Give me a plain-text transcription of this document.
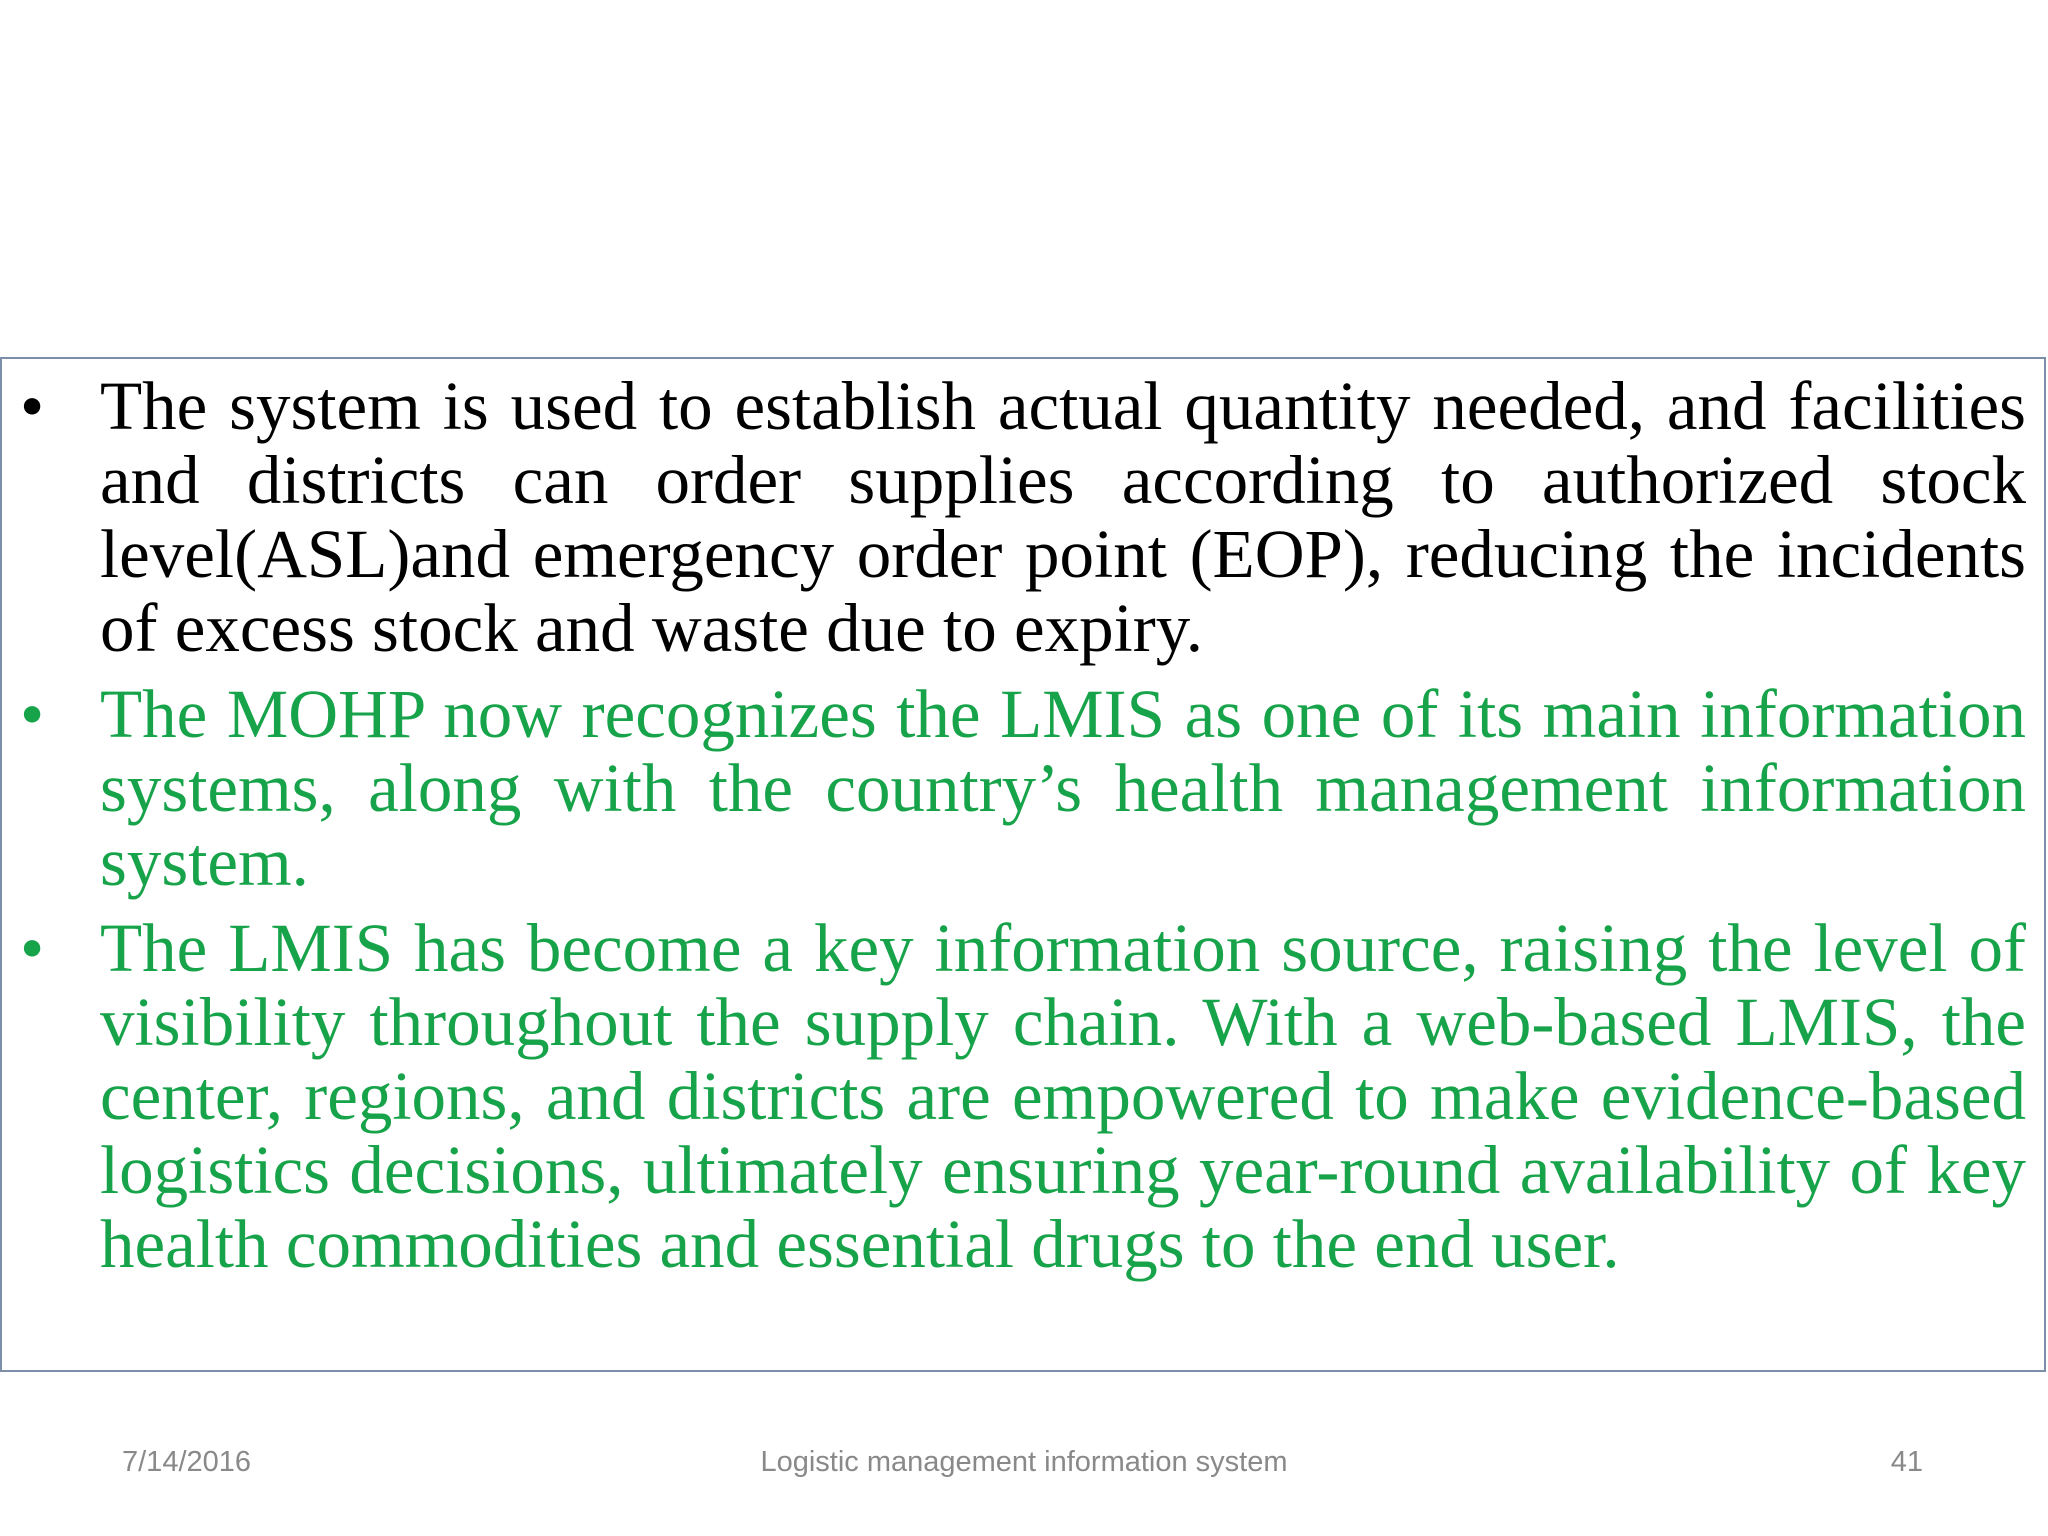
• The system is used to establish actual quantity needed, and facilities and districts can order supplies according to authorized stock level(ASL)and emergency order point (EOP), reducing the incidents of excess stock and waste due to expiry.
• The MOHP now recognizes the LMIS as one of its main information systems, along with the country’s health management information system.
• The LMIS has become a key information source, raising the level of visibility throughout the supply chain. With a web-based LMIS, the center, regions, and districts are empowered to make evidence-based logistics decisions, ultimately ensuring year-round availability of key health commodities and essential drugs to the end user.
7/14/2016	Logistic management information system	41
